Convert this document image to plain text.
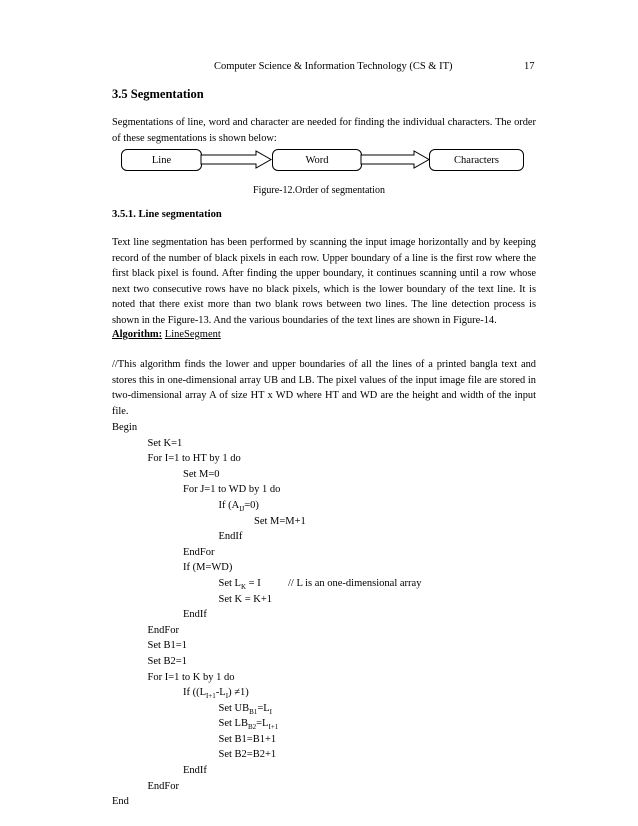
Computer Science & Information Technology (CS & IT)	17
3.5 Segmentation
Segmentations of line, word and character are needed for finding the individual characters. The order of these segmentations is shown below:
Line	Word	Characters
Figure-12.Order of segmentation
3.5.1. Line segmentation
Text line segmentation has been performed by scanning the input image horizontally and by keeping record of the number of black pixels in each row. Upper boundary of a line is the first row where the first black pixel is found. After finding the upper boundary, it continues scanning until a row whose next two consecutive rows have no black pixels, which is the lower boundary of the text line. It is noted that there exist more than two blank rows between two lines. The line detection process is shown in the Figure-13. And the various boundaries of the text lines are shown in Figure-14.
Algorithm: LineSegment
//This algorithm finds the lower and upper boundaries of all the lines of a printed bangla text and stores this in one-dimensional array UB and LB. The pixel values of the input image file are stored in two-dimensional array A of size HT x WD where HT and WD are the height and width of the input file.
Begin
Set K=1
For I=1 to HT by 1 do
Set M=0
For J=1 to WD by 1 do
If $(A_{IJ}=0)$
Set M=M+1
EndIf
EndFor
If (M=WD)
Set $L_K = I$	// L is an one-dimensional array
Set K = K+1
EndIf
EndFor
Set B1=1
Set B2=1
For I=1 to K by 1 do
If $((L_{I+1}-L_I) \ne 1)$
Set $UB_{B1}=L_I$
Set $LB_{B2}=L_{I+1}$
Set B1=B1+1
Set B2=B2+1
EndIf
EndFor
End
